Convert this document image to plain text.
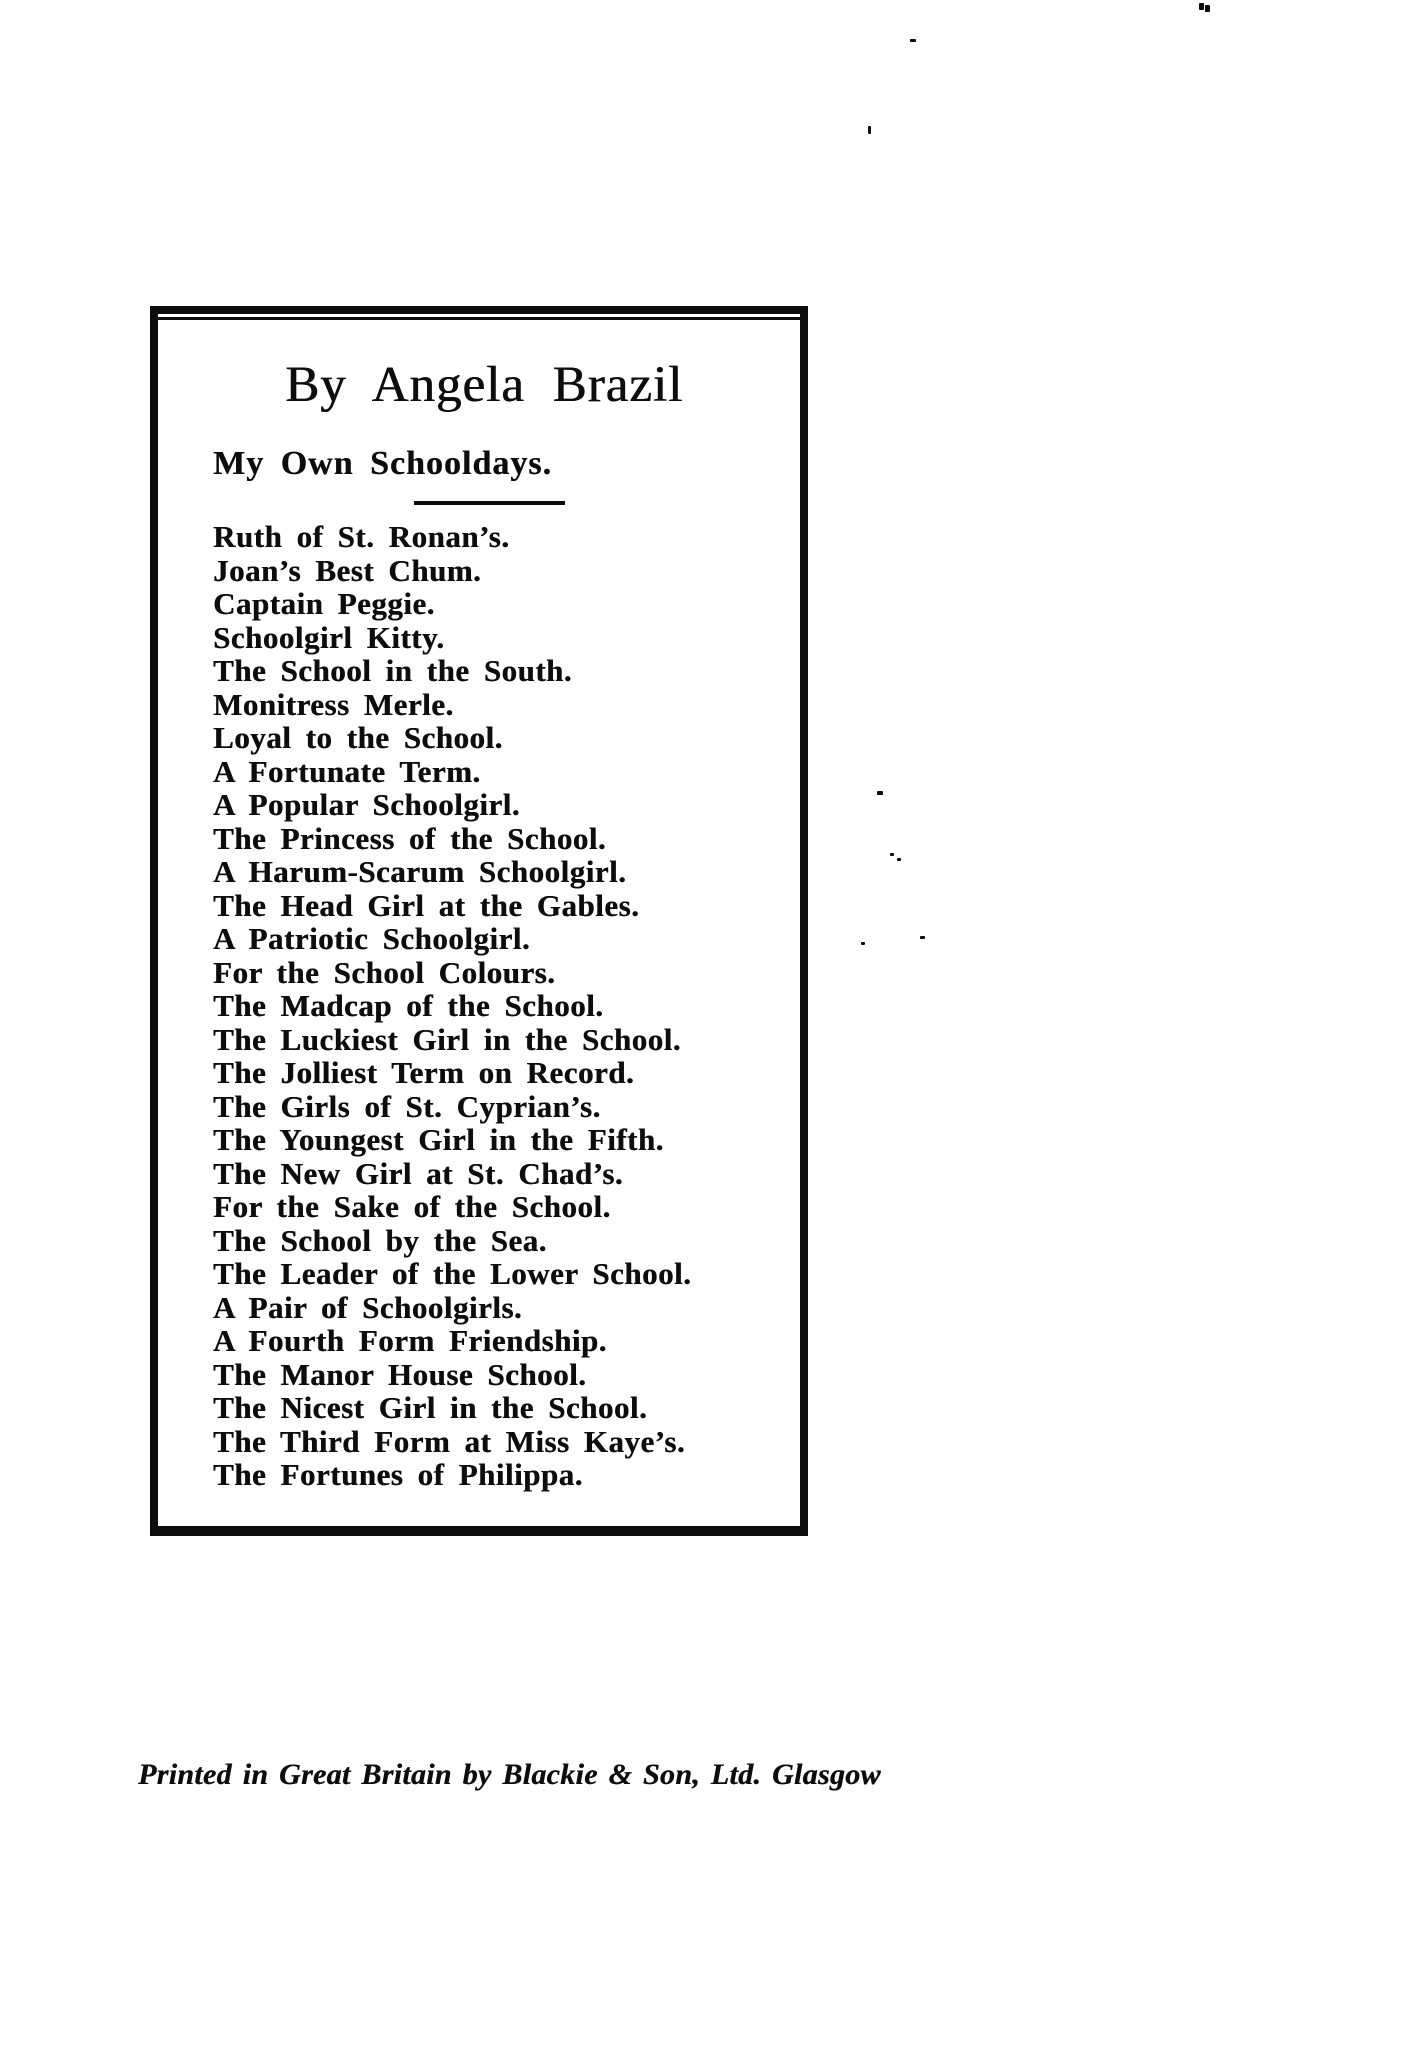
By Angela Brazil
My Own Schooldays.
Ruth of St. Ronan’s.
Joan’s Best Chum.
Captain Peggie.
Schoolgirl Kitty.
The School in the South.
Monitress Merle.
Loyal to the School.
A Fortunate Term.
A Popular Schoolgirl.
The Princess of the School.
A Harum-Scarum Schoolgirl.
The Head Girl at the Gables.
A Patriotic Schoolgirl.
For the School Colours.
The Madcap of the School.
The Luckiest Girl in the School.
The Jolliest Term on Record.
The Girls of St. Cyprian’s.
The Youngest Girl in the Fifth.
The New Girl at St. Chad’s.
For the Sake of the School.
The School by the Sea.
The Leader of the Lower School.
A Pair of Schoolgirls.
A Fourth Form Friendship.
The Manor House School.
The Nicest Girl in the School.
The Third Form at Miss Kaye’s.
The Fortunes of Philippa.
Printed in Great Britain by Blackie & Son, Ltd. Glasgow
